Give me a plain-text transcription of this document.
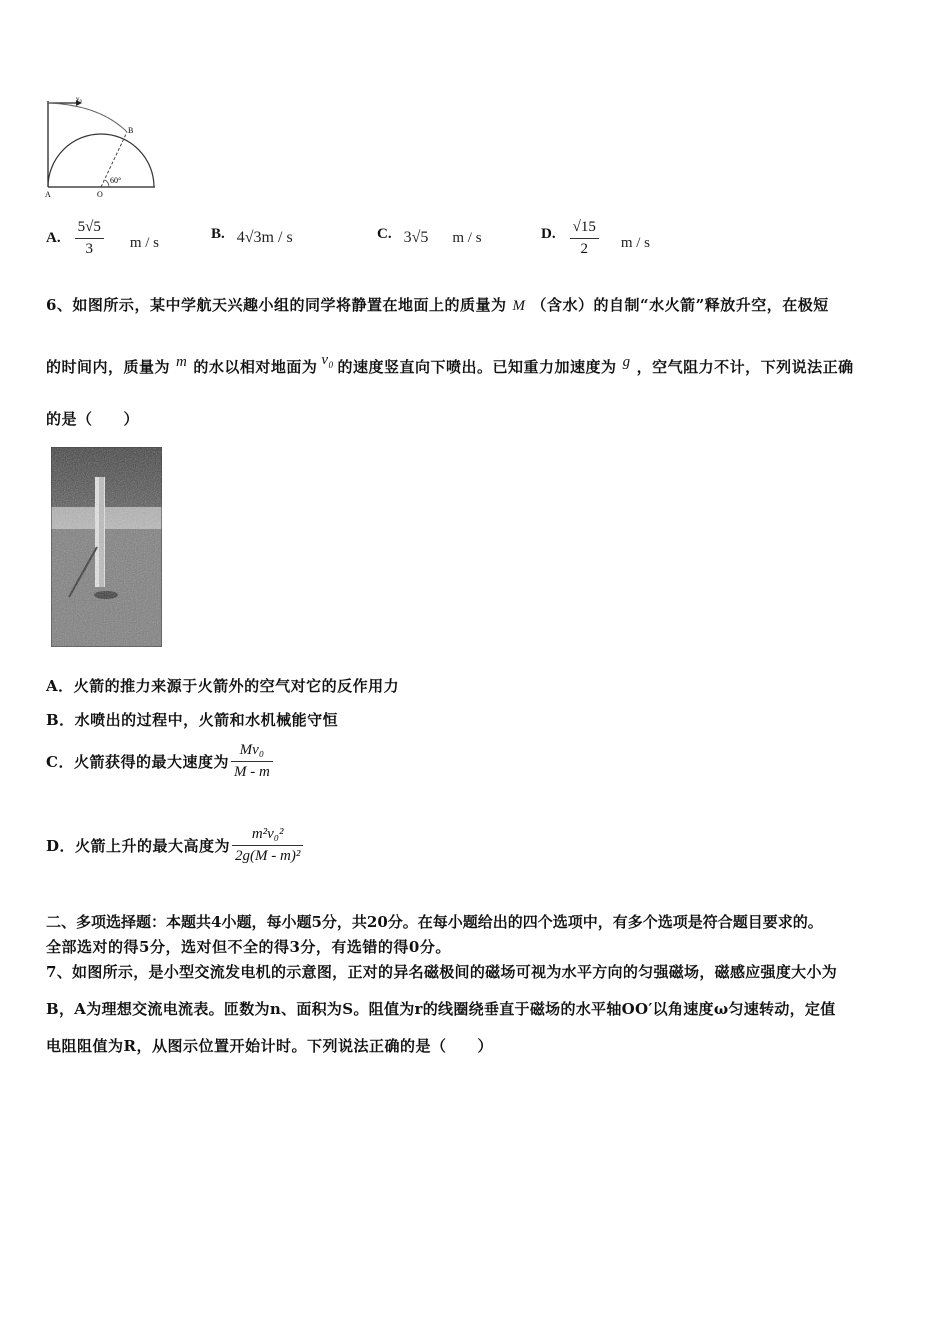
v₀
B
A	O
60°
A. $\frac{5√5}{3}$ m / s
B. 4√3m / s	C. 3√5 m / s	D. $\frac{√15}{2}$ m / s
6、如图所示，某中学航天兴趣小组的同学将静置在地面上的质量为 M （含水）的自制“水火箭”释放升空，在极短
的时间内，质量为 m 的水以相对地面为 $v_0$ 的速度竖直向下喷出。已知重力加速度为 g ，空气阻力不计，下列说法正确
的是（　　）
A．火箭的推力来源于火箭外的空气对它的反作用力
B．水喷出的过程中，火箭和水机械能守恒
C．火箭获得的最大速度为 $\frac{\text{Mv₀}}{M - m}$
D．火箭上升的最大高度为 $\frac{\text{m²v₀²}}{\text{2g(M - m)²}}$
二、多项选择题：本题共4小题，每小题5分，共20分。在每小题给出的四个选项中，有多个选项是符合题目要求的。
全部选对的得5分，选对但不全的得3分，有选错的得0分。
7、如图所示，是小型交流发电机的示意图，正对的异名磁极间的磁场可视为水平方向的匀强磁场，磁感应强度大小为
B，A为理想交流电流表。匝数为n、面积为S。阻值为r的线圈绕垂直于磁场的水平轴OO′以角速度ω匀速转动，定值
电阻阻值为R，从图示位置开始计时。下列说法正确的是（　　）
